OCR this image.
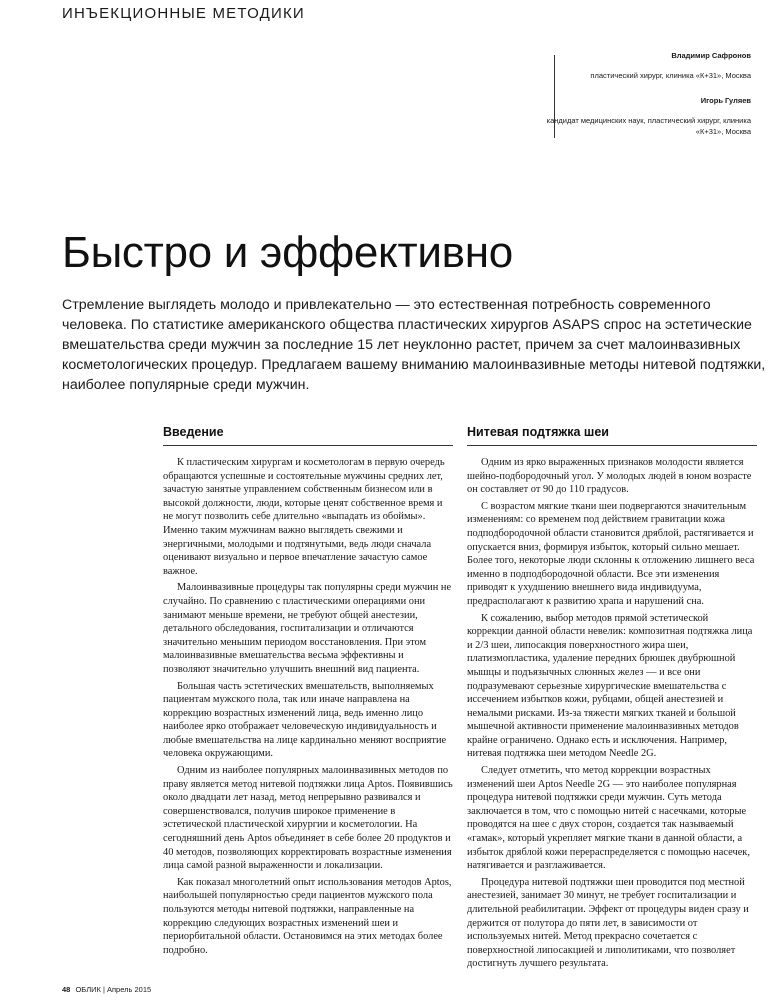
ИНЪЕКЦИОННЫЕ МЕТОДИКИ
Владимир Сафронов
пластический хирург, клиника «К+31», Москва
Игорь Гуляев
кандидат медицинских наук, пластический хирург, клиника «К+31», Москва
Быстро и эффективно

Стремление выглядеть молодо и привлекательно — это естественная потребность современного человека. По статистике американского общества пластических хирургов ASAPS спрос на эстетические вмешательства среди мужчин за последние 15 лет неуклонно растет, причем за счет малоинвазивных косметологических процедур. Предлагаем вашему вниманию малоинвазивные методы нитевой подтяжки, наиболее популярные среди мужчин.

Введение

К пластическим хирургам и косметологам в первую очередь обращаются успешные и состоятельные мужчины средних лет, зачастую занятые управлением собственным бизнесом или в высокой должности, люди, которые ценят собственное время и не могут позволить себе длительно «выпадать из обоймы». Именно таким мужчинам важно выглядеть свежими и энергичными, молодыми и подтянутыми, ведь люди сначала оценивают визуально и первое впечатление зачастую самое важное.

Малоинвазивные процедуры так популярны среди мужчин не случайно. По сравнению с пластическими операциями они занимают меньше времени, не требуют общей анестезии, детального обследования, госпитализации и отличаются значительно меньшим периодом восстановления. При этом малоинвазивные вмешательства весьма эффективны и позволяют значительно улучшить внешний вид пациента.

Большая часть эстетических вмешательств, выполняемых пациентам мужского пола, так или иначе направлена на коррекцию возрастных изменений лица, ведь именно лицо наиболее ярко отображает человеческую индивидуальность и любые вмешательства на лице кардинально меняют восприятие человека окружающими.

Одним из наиболее популярных малоинвазивных методов по праву является метод нитевой подтяжки лица Aptos. Появившись около двадцати лет назад, метод непрерывно развивался и совершенствовался, получив широкое применение в эстетической пластической хирургии и косметологии. На сегодняшний день Aptos объединяет в себе более 20 продуктов и 40 методов, позволяющих корректировать возрастные изменения лица самой разной выраженности и локализации.

Как показал многолетний опыт использования методов Aptos, наибольшей популярностью среди пациентов мужского пола пользуются методы нитевой подтяжки, направленные на коррекцию следующих возрастных изменений шеи и периорбитальной области. Остановимся на этих методах более подробно.

Нитевая подтяжка шеи

Одним из ярко выраженных признаков молодости является шейно-подбородочный угол. У молодых людей в юном возрасте он составляет от 90 до 110 градусов.

С возрастом мягкие ткани шеи подвергаются значительным изменениям: со временем под действием гравитации кожа подподбородочной области становится дряблой, растягивается и опускается вниз, формируя избыток, который сильно мешает. Более того, некоторые люди склонны к отложению лишнего веса именно в подподбородочной области. Все эти изменения приводят к ухудшению внешнего вида индивидуума, предрасполагают к развитию храпа и нарушений сна.

К сожалению, выбор методов прямой эстетической коррекции данной области невелик: композитная подтяжка лица и 2/3 шеи, липосакция поверхностного жира шеи, платизмопластика, удаление передних брюшек двубрюшной мышцы и подъязычных слюнных желез — и все они подразумевают серьезные хирургические вмешательства с иссечением избытков кожи, рубцами, общей анестезией и немалыми рисками. Из-за тяжести мягких тканей и большой мышечной активности применение малоинвазивных методов крайне ограничено. Однако есть и исключения. Например, нитевая подтяжка шеи методом Needle 2G.

Следует отметить, что метод коррекции возрастных изменений шеи Aptos Needle 2G — это наиболее популярная процедура нитевой подтяжки среди мужчин. Суть метода заключается в том, что с помощью нитей с насечками, которые проводятся на шее с двух сторон, создается так называемый «гамак», который укрепляет мягкие ткани в данной области, а избыток дряблой кожи перераспределяется с помощью насечек, натягивается и разглаживается.

Процедура нитевой подтяжки шеи проводится под местной анестезией, занимает 30 минут, не требует госпитализации и длительной реабилитации. Эффект от процедуры виден сразу и держится от полутора до пяти лет, в зависимости от используемых нитей. Метод прекрасно сочетается с поверхностной липосакцией и липолитиками, что позволяет достигнуть лучшего результата.

48 ОБЛИК | Апрель 2015
